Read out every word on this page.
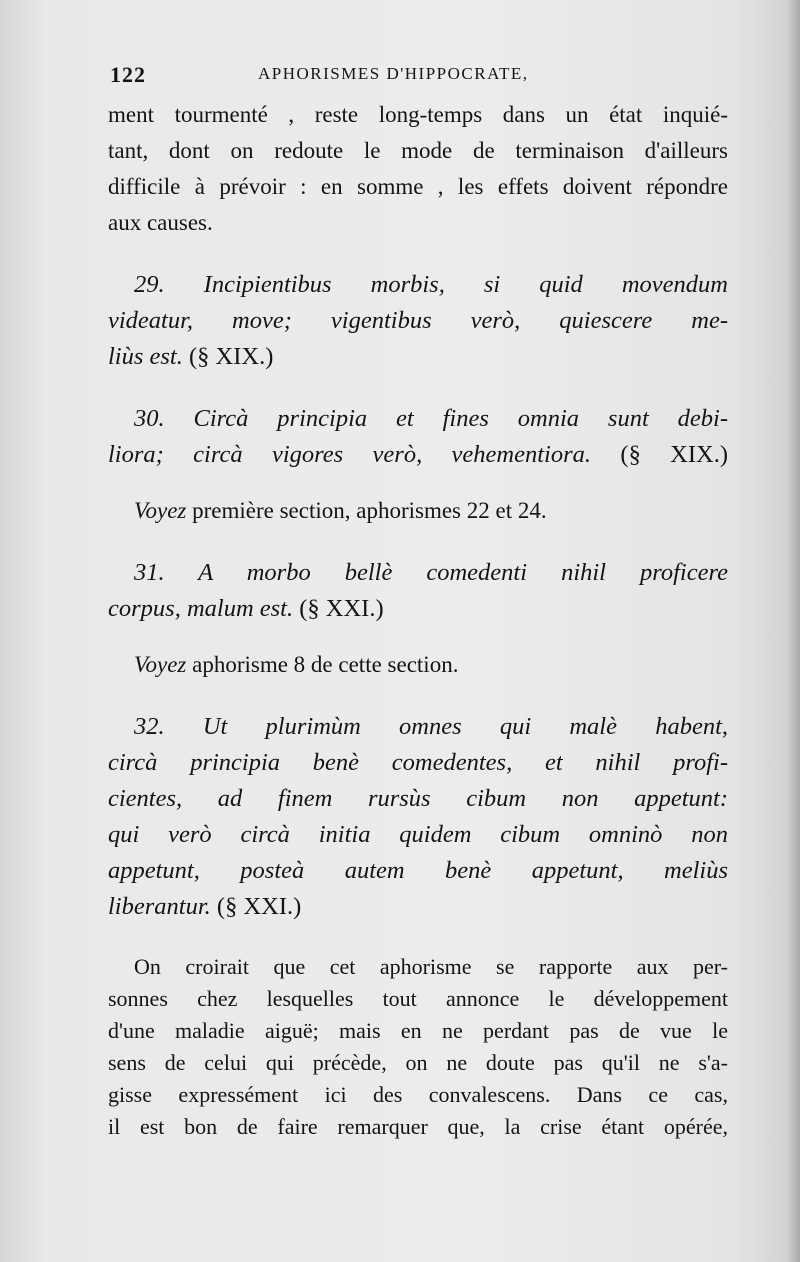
122	APHORISMES D'HIPPOCRATE,
ment tourmenté , reste long-temps dans un état inquié-
tant, dont on redoute le mode de terminaison d'ailleurs
difficile à prévoir : en somme , les effets doivent répondre
aux causes.
29. Incipientibus morbis, si quid movendum
videatur, move; vigentibus verò, quiescere me-
liùs est. (§ XIX.)
30. Circà principia et fines omnia sunt debi-
liora; circà vigores verò, vehementiora. (§ XIX.)
Voyez première section, aphorismes 22 et 24.
31. A morbo bellè comedenti nihil proficere
corpus, malum est. (§ XXI.)
Voyez aphorisme 8 de cette section.
32. Ut plurimùm omnes qui malè habent,
circà principia benè comedentes, et nihil profi-
cientes, ad finem rursùs cibum non appetunt:
qui verò circà initia quidem cibum omninò non
appetunt, posteà autem benè appetunt, meliùs
liberantur. (§ XXI.)
On croirait que cet aphorisme se rapporte aux per-
sonnes chez lesquelles tout annonce le développement
d'une maladie aiguë; mais en ne perdant pas de vue le
sens de celui qui précède, on ne doute pas qu'il ne s'a-
gisse expressément ici des convalescens. Dans ce cas,
il est bon de faire remarquer que, la crise étant opérée,
